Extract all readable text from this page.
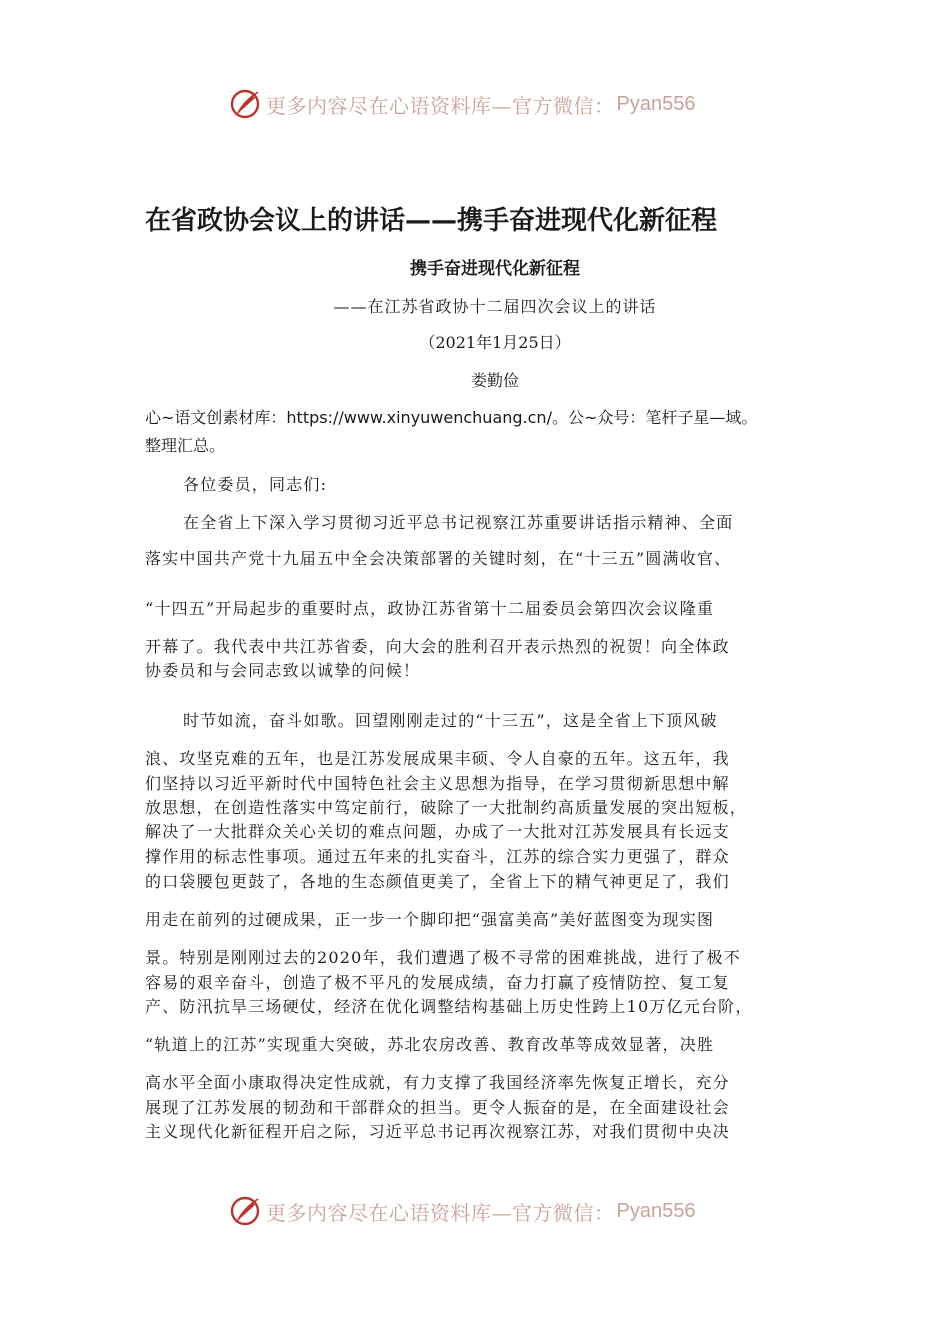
更多内容尽在心语资料库—官方微信： Pyan556
在省政协会议上的讲话——携手奋进现代化新征程
携手奋进现代化新征程
——在江苏省政协十二届四次会议上的讲话
（2021年1月25日）
娄勤俭
心~语文创素材库：https://www.xinyuwenchuang.cn/。公~众号：笔杆子星—域。
整理汇总。
各位委员，同志们:
在全省上下深入学习贯彻习近平总书记视察江苏重要讲话指示精神、全面
落实中国共产党十九届五中全会决策部署的关键时刻，在“十三五”圆满收官、
“十四五”开局起步的重要时点，政协江苏省第十二届委员会第四次会议隆重
开幕了。我代表中共江苏省委，向大会的胜利召开表示热烈的祝贺！向全体政
协委员和与会同志致以诚挚的问候！
时节如流，奋斗如歌。回望刚刚走过的“十三五”，这是全省上下顶风破
浪、攻坚克难的五年，也是江苏发展成果丰硕、令人自豪的五年。这五年，我
们坚持以习近平新时代中国特色社会主义思想为指导，在学习贯彻新思想中解
放思想，在创造性落实中笃定前行，破除了一大批制约高质量发展的突出短板，
解决了一大批群众关心关切的难点问题，办成了一大批对江苏发展具有长远支
撑作用的标志性事项。通过五年来的扎实奋斗，江苏的综合实力更强了，群众
的口袋腰包更鼓了，各地的生态颜值更美了，全省上下的精气神更足了，我们
用走在前列的过硬成果，正一步一个脚印把“强富美高”美好蓝图变为现实图
景。特别是刚刚过去的2020年，我们遭遇了极不寻常的困难挑战，进行了极不
容易的艰辛奋斗，创造了极不平凡的发展成绩，奋力打赢了疫情防控、复工复
产、防汛抗旱三场硬仗，经济在优化调整结构基础上历史性跨上10万亿元台阶，
“轨道上的江苏”实现重大突破，苏北农房改善、教育改革等成效显著，决胜
高水平全面小康取得决定性成就，有力支撑了我国经济率先恢复正增长，充分
展现了江苏发展的韧劲和干部群众的担当。更令人振奋的是，在全面建设社会
主义现代化新征程开启之际，习近平总书记再次视察江苏，对我们贯彻中央决
更多内容尽在心语资料库—官方微信： Pyan556
